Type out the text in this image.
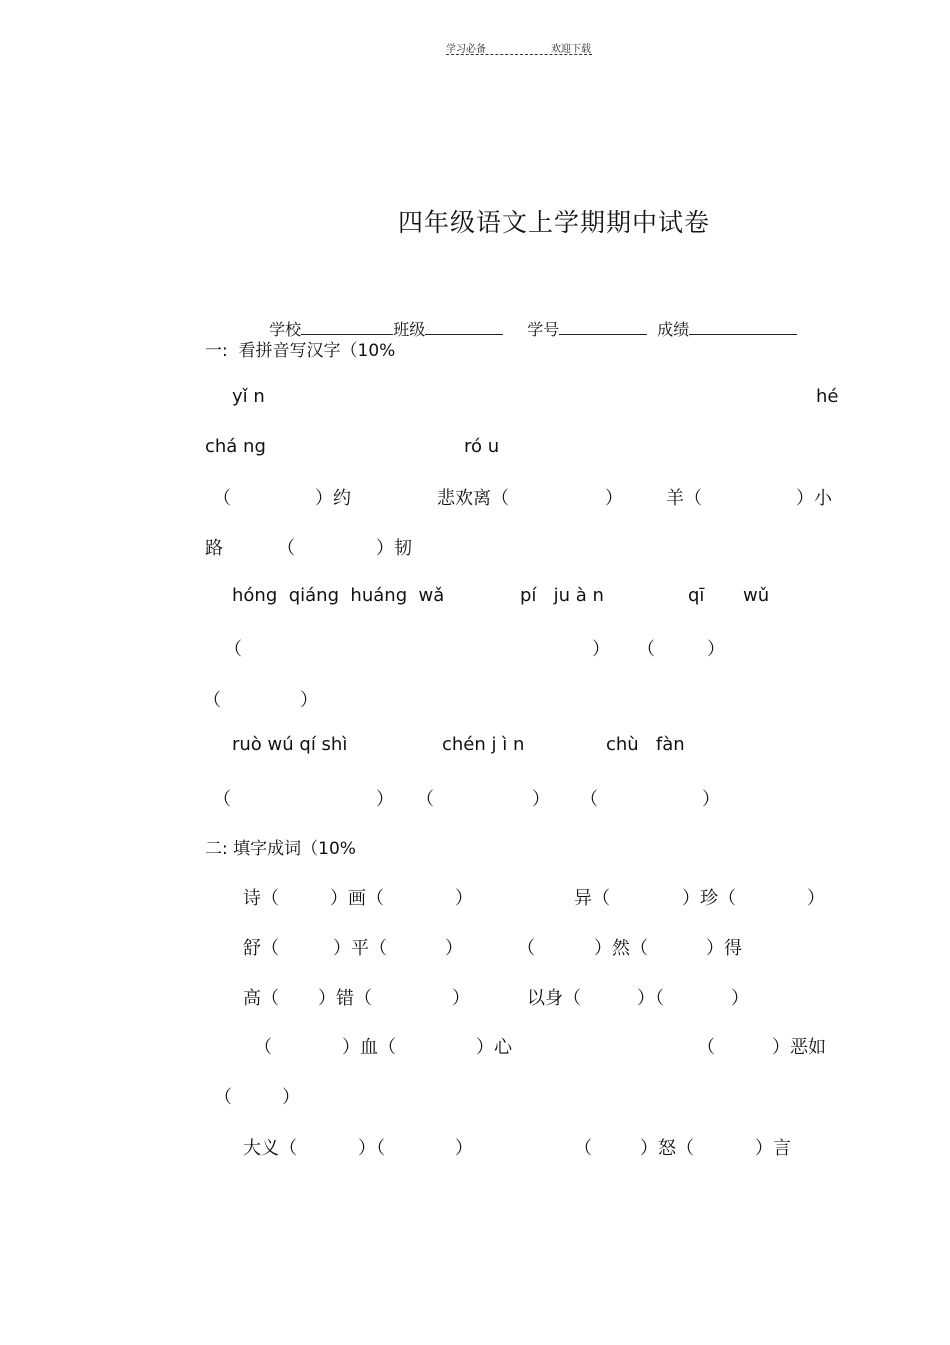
学习必备	欢迎下载
四年级语文上学期期中试卷

学校	班级	学号	成绩

一:  看拼音写汉字（10%
yǐ n	hé
chá ng	ró u
（	）约	悲欢离（	） 羊（	）小
路	（	）韧
hóng  qiáng  huáng  wǎ	pí   ju à n	qī wǔ
（	） （	）
（	）
ruò wú qí shì	chén j ì n	chù   fàn
（	） （	） （	）
二: 填字成词（10%
诗（	）画（	）	异（	）珍（	）
舒（	）平（	）	（	）然（	）得
高（ ）错（	）	以身（	）（	）
（	）血（	）心	（	）恶如
（	）
大义（	）（	）	（	）怒（	）言
